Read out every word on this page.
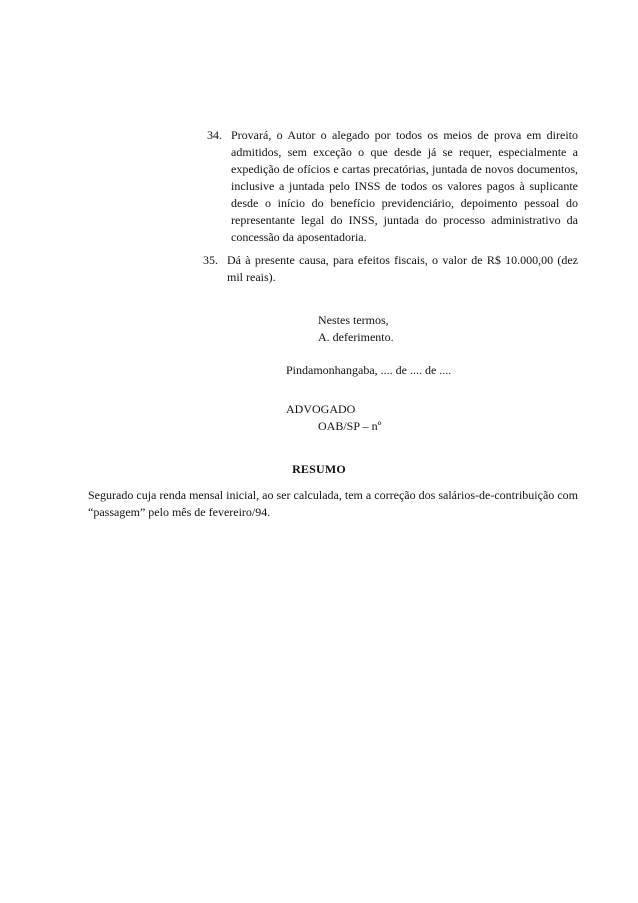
34. Provará, o Autor o alegado por todos os meios de prova em direito admitidos, sem exceção o que desde já se requer, especialmente a expedição de ofícios e cartas precatórias, juntada de novos documentos, inclusive a juntada pelo INSS de todos os valores pagos à suplicante desde o início do benefício previdenciário, depoimento pessoal do representante legal do INSS, juntada do processo administrativo da concessão da aposentadoria.
35. Dá à presente causa, para efeitos fiscais, o valor de R$ 10.000,00 (dez mil reais).
Nestes termos,
A. deferimento.
Pindamonhangaba, .... de .... de ....
ADVOGADO
OAB/SP – nº
RESUMO
Segurado cuja renda mensal inicial, ao ser calculada, tem a correção dos salários-de-contribuição com “passagem” pelo mês de fevereiro/94.
